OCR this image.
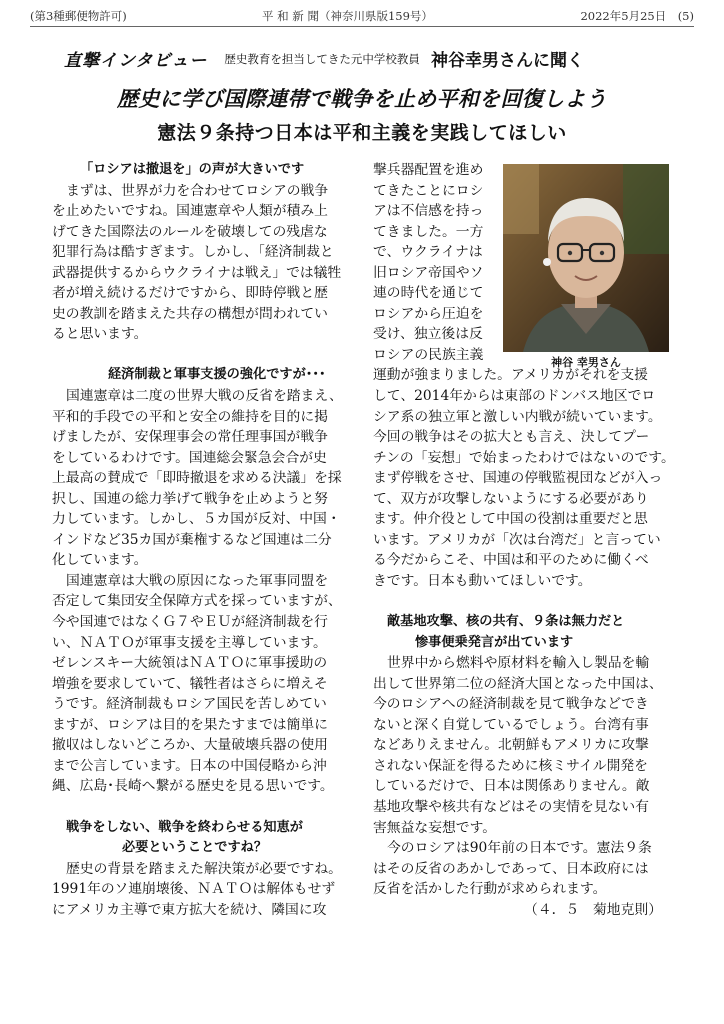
(第3種郵便物許可)	平 和 新 聞（神奈川県版159号）	2022年5月25日　(5)
直撃インタビュー 歴史教育を担当してきた元中学校教員 神谷幸男さんに聞く
歴史に学び国際連帯で戦争を止め平和を回復しよう
憲法９条持つ日本は平和主義を実践してほしい
「ロシアは撤退を」の声が大きいです
まずは、世界が力を合わせてロシアの戦争
を止めたいですね。国連憲章や人類が積み上
げてきた国際法のルールを破壊しての残虐な
犯罪行為は酷すぎます。しかし、「経済制裁と
武器提供するからウクライナは戦え」では犠牲
者が増え続けるだけですから、即時停戦と歴
史の教訓を踏まえた共存の構想が問われてい
ると思います。
経済制裁と軍事支援の強化ですが･･･
国連憲章は二度の世界大戦の反省を踏まえ、
平和的手段での平和と安全の維持を目的に掲
げましたが、安保理事会の常任理事国が戦争
をしているわけです。国連総会緊急会合が史
上最高の賛成で「即時撤退を求める決議」を採
択し、国連の総力挙げて戦争を止めようと努
力しています。しかし、５カ国が反対、中国・
インドなど35カ国が棄権するなど国連は二分
化しています。
国連憲章は大戦の原因になった軍事同盟を
否定して集団安全保障方式を採っていますが、
今や国連ではなくＧ７やＥＵが経済制裁を行
い、ＮＡＴＯが軍事支援を主導しています。
ゼレンスキー大統領はＮＡＴＯに軍事援助の
増強を要求していて、犠牲者はさらに増えそ
うです。経済制裁もロシア国民を苦しめてい
ますが、ロシアは目的を果たすまでは簡単に
撤収はしないどころか、大量破壊兵器の使用
まで公言しています。日本の中国侵略から沖
縄、広島･長崎へ繋がる歴史を見る思いです。
戦争をしない、戦争を終わらせる知恵が
必要ということですね？
歴史の背景を踏まえた解決策が必要ですね。
1991年のソ連崩壊後、ＮＡＴＯは解体もせず
にアメリカ主導で東方拡大を続け、隣国に攻
撃兵器配置を進め
てきたことにロシ
アは不信感を持っ
てきました。一方
で、ウクライナは
旧ロシア帝国やソ
連の時代を通じて
ロシアから圧迫を
受け、独立後は反
ロシアの民族主義
運動が強まりました。アメリカがそれを支援
して、2014年からは東部のドンバス地区でロ
シア系の独立軍と激しい内戦が続いています。
今回の戦争はその拡大とも言え、決してプー
チンの「妄想」で始まったわけではないのです。
まず停戦をさせ、国連の停戦監視団などが入っ
て、双方が攻撃しないようにする必要があり
ます。仲介役として中国の役割は重要だと思
います。アメリカが「次は台湾だ」と言ってい
る今だからこそ、中国は和平のために働くべ
きです。日本も動いてほしいです。
敵基地攻撃、核の共有、９条は無力だと
惨事便乗発言が出ています
世界中から燃料や原材料を輸入し製品を輸
出して世界第二位の経済大国となった中国は、
今のロシアへの経済制裁を見て戦争などでき
ないと深く自覚しているでしょう。台湾有事
などありえません。北朝鮮もアメリカに攻撃
されない保証を得るために核ミサイル開発を
しているだけで、日本は関係ありません。敵
基地攻撃や核共有などはその実情を見ない有
害無益な妄想です。
今のロシアは90年前の日本です。憲法９条
はその反省のあかしであって、日本政府には
反省を活かした行動が求められます。
（４．５　菊地克則）
神谷 幸男さん
